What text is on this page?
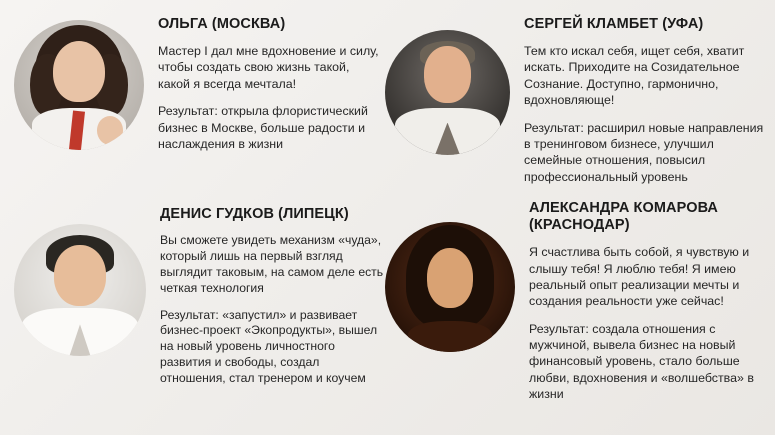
ОЛЬГА (МОСКВА)

Мастер I дал мне вдохновение и силу, чтобы создать свою жизнь такой, какой я всегда мечтала!

Результат: открыла флористический бизнес в Москве, больше радости и наслаждения в жизни

СЕРГЕЙ КЛАМБЕТ (УФА)

Тем кто искал себя, ищет себя, хватит искать. Приходите на Созидательное Сознание. Доступно, гармонично, вдохновляюще!

Результат: расширил новые направления в тренинговом бизнесе, улучшил семейные отношения, повысил профессиональный уровень

ДЕНИС ГУДКОВ (ЛИПЕЦК)

Вы сможете увидеть механизм «чуда», который лишь на первый взгляд выглядит таковым, на самом деле есть четкая технология

Результат: «запустил» и развивает бизнес-проект «Экопродукты», вышел на новый уровень личностного развития и свободы, создал отношения, стал тренером и коучем

АЛЕКСАНДРА КОМАРОВА (КРАСНОДАР)

Я счастлива быть собой, я чувствую и слышу тебя! Я люблю тебя! Я имею реальный опыт реализации мечты и создания реальности уже сейчас!

Результат: создала отношения с мужчиной, вывела бизнес на новый финансовый уровень, стало больше любви, вдохновения и «волшебства» в жизни
